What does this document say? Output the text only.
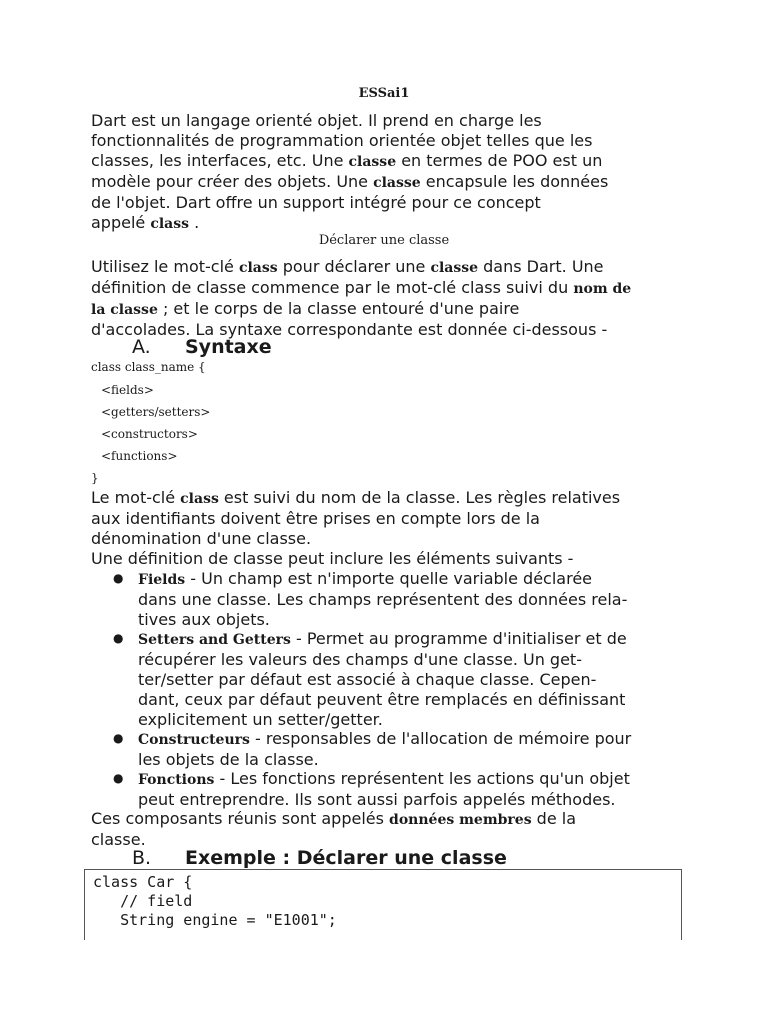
ESSai1

Dart est un langage orienté objet. Il prend en charge les
fonctionnalités de programmation orientée objet telles que les
classes, les interfaces, etc. Une classe en termes de POO est un
modèle pour créer des objets. Une classe encapsule les données
de l'objet. Dart offre un support intégré pour ce concept
appelé class .

Déclarer une classe

Utilisez le mot-clé class pour déclarer une classe dans Dart. Une
définition de classe commence par le mot-clé class suivi du nom de
la classe ; et le corps de la classe entouré d'une paire
d'accolades. La syntaxe correspondante est donnée ci-dessous -

A. Syntaxe
class class_name {
<fields>
<getters/setters>
<constructors>
<functions>
}

Le mot-clé class est suivi du nom de la classe. Les règles relatives
aux identifiants doivent être prises en compte lors de la
dénomination d'une classe.
Une définition de classe peut inclure les éléments suivants -

● Fields - Un champ est n'importe quelle variable déclarée
dans une classe. Les champs représentent des données rela-
tives aux objets.
● Setters and Getters - Permet au programme d'initialiser et de
récupérer les valeurs des champs d'une classe. Un get-
ter/setter par défaut est associé à chaque classe. Cepen-
dant, ceux par défaut peuvent être remplacés en définissant
explicitement un setter/getter.
● Constructeurs - responsables de l'allocation de mémoire pour
les objets de la classe.
● Fonctions - Les fonctions représentent les actions qu'un objet
peut entreprendre. Ils sont aussi parfois appelés méthodes.

Ces composants réunis sont appelés données membres de la
classe.

B. Exemple : Déclarer une classe
class Car {
// field
String engine = "E1001";
